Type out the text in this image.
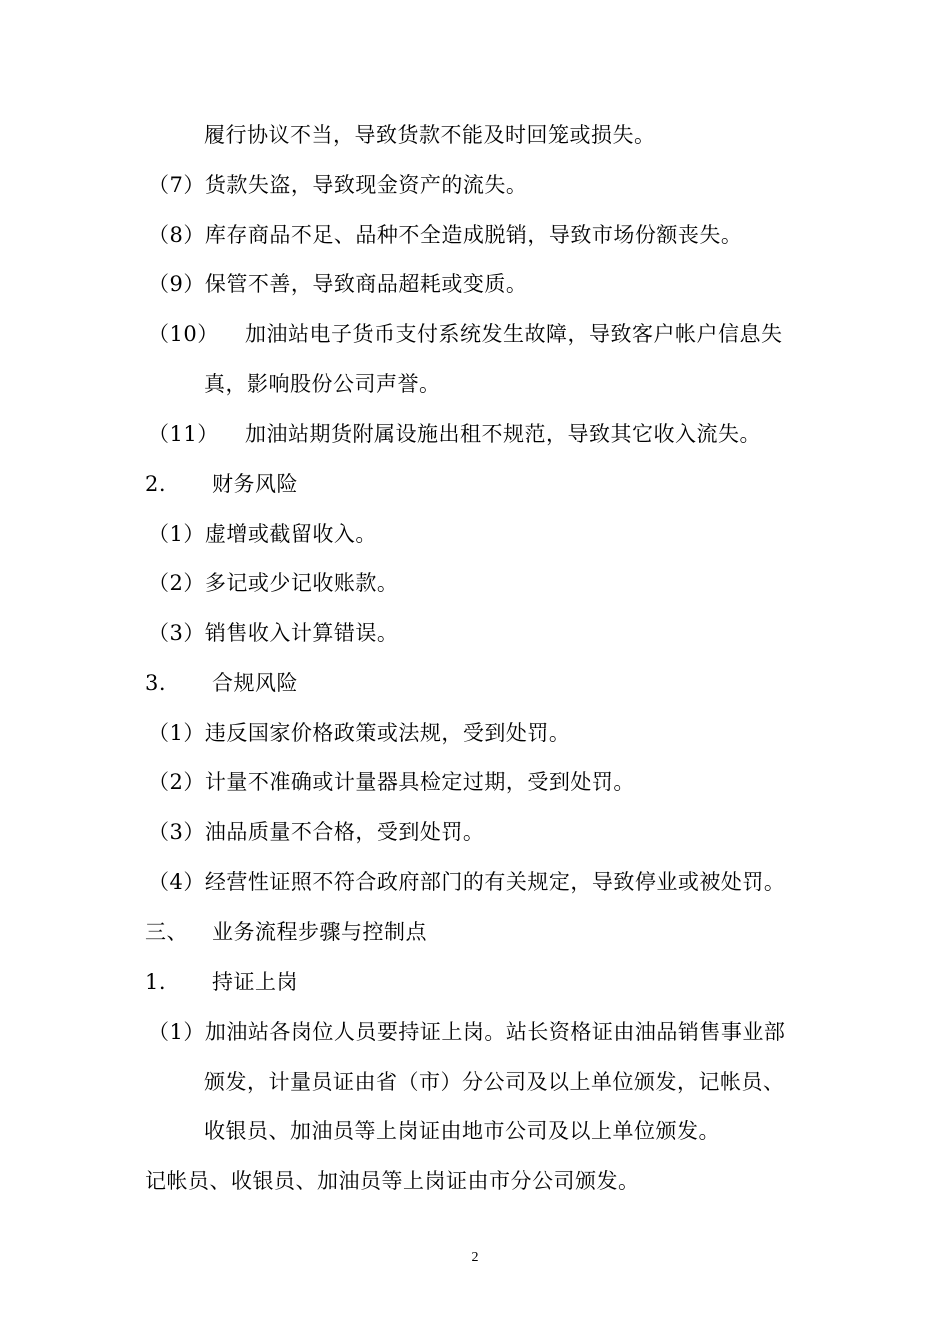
履行协议不当，导致货款不能及时回笼或损失。
（7）货款失盗，导致现金资产的流失。
（8）库存商品不足、品种不全造成脱销，导致市场份额丧失。
（9）保管不善，导致商品超耗或变质。
（10） 加油站电子货币支付系统发生故障，导致客户帐户信息失
真，影响股份公司声誉。
（11） 加油站期货附属设施出租不规范，导致其它收入流失。
2. 财务风险
（1）虚增或截留收入。
（2）多记或少记收账款。
（3）销售收入计算错误。
3. 合规风险
（1）违反国家价格政策或法规，受到处罚。
（2）计量不准确或计量器具检定过期，受到处罚。
（3）油品质量不合格，受到处罚。
（4）经营性证照不符合政府部门的有关规定，导致停业或被处罚。
三、 业务流程步骤与控制点
1. 持证上岗
（1）加油站各岗位人员要持证上岗。站长资格证由油品销售事业部
颁发，计量员证由省（市）分公司及以上单位颁发，记帐员、
收银员、加油员等上岗证由地市公司及以上单位颁发。
记帐员、收银员、加油员等上岗证由市分公司颁发。
2
